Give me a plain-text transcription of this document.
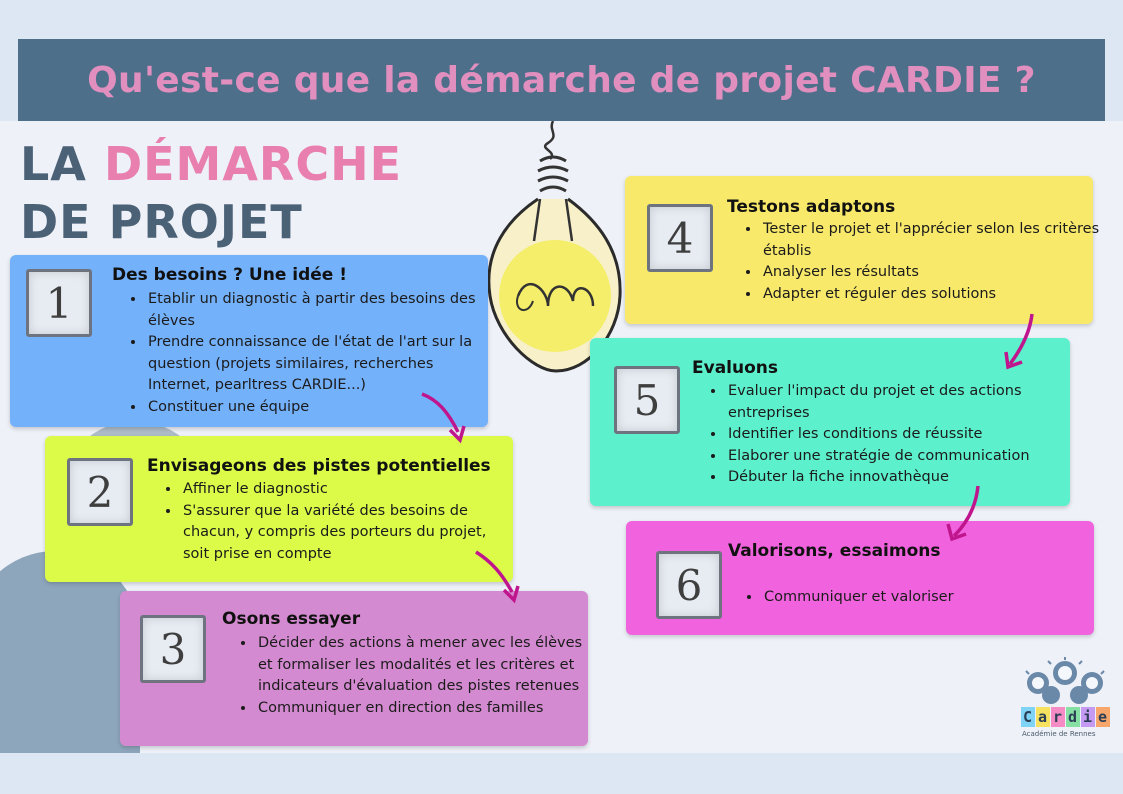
Qu'est-ce que la démarche de projet CARDIE ?
LA DÉMARCHE
DE PROJET
1
Des besoins ? Une idée !
• Etablir un diagnostic à partir des besoins des élèves
• Prendre connaissance de l'état de l'art sur la question (projets similaires, recherches Internet, pearltress CARDIE...)
• Constituer une équipe
2
Envisageons des pistes potentielles
• Affiner le diagnostic
• S'assurer que la variété des besoins de chacun, y compris des porteurs du projet, soit prise en compte
3
Osons essayer
• Décider des actions à mener avec les élèves et formaliser les modalités et les critères et indicateurs d'évaluation des pistes retenues
• Communiquer en direction des familles
4
Testons adaptons
• Tester le projet et l'apprécier selon les critères établis
• Analyser les résultats
• Adapter et réguler des solutions
5
Evaluons
• Evaluer l'impact du projet et des actions entreprises
• Identifier les conditions de réussite
• Elaborer une stratégie de communication
• Débuter la fiche innovathèque
6
Valorisons, essaimons
• Communiquer et valoriser
C a r d i e
Académie de Rennes
